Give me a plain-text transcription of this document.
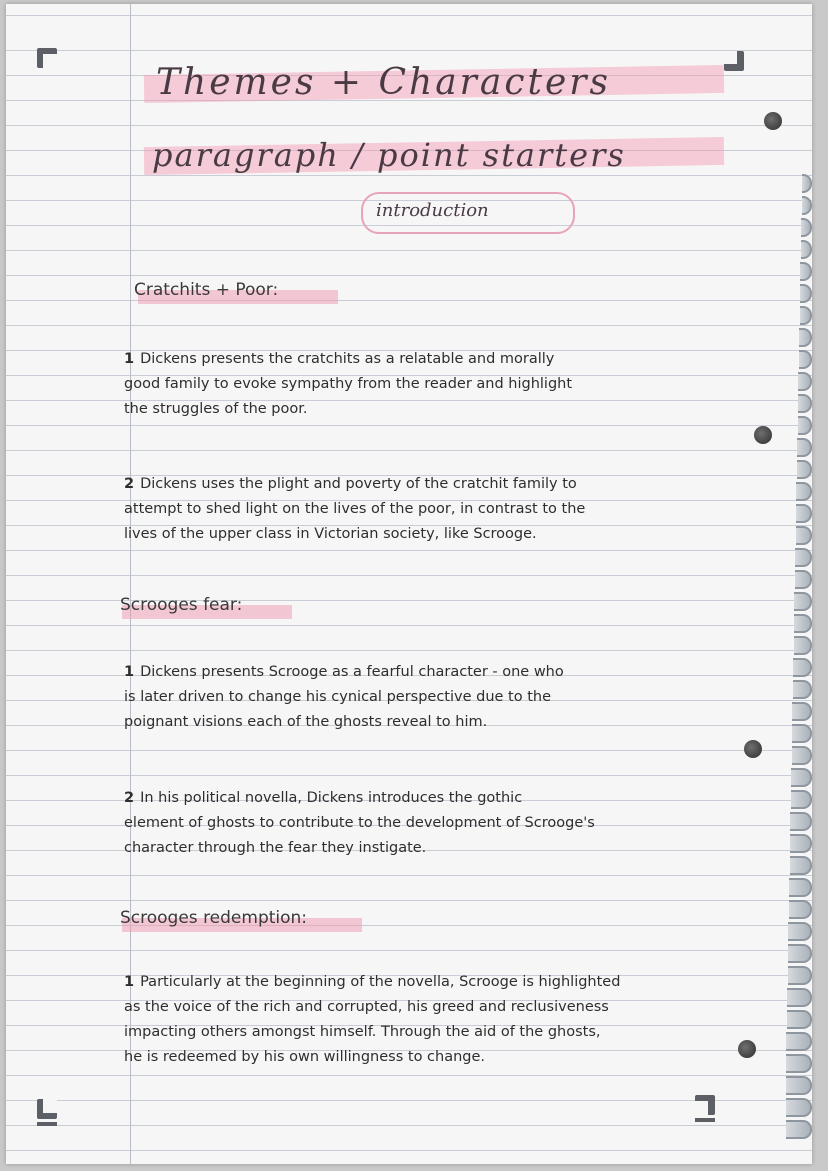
Themes + Characters
paragraph / point starters
introduction
Cratchits + Poor:
1 Dickens presents the cratchits as a relatable and morally
good family to evoke sympathy from the reader and highlight
the struggles of the poor.
2 Dickens uses the plight and poverty of the cratchit family to
attempt to shed light on the lives of the poor, in contrast to the
lives of the upper class in Victorian society, like Scrooge.
Scrooges fear:
1 Dickens presents Scrooge as a fearful character - one who
is later driven to change his cynical perspective due to the
poignant visions each of the ghosts reveal to him.
2 In his political novella, Dickens introduces the gothic
element of ghosts to contribute to the development of Scrooge's
character through the fear they instigate.
Scrooges redemption:
1 Particularly at the beginning of the novella, Scrooge is highlighted
as the voice of the rich and corrupted, his greed and reclusiveness
impacting others amongst himself. Through the aid of the ghosts,
he is redeemed by his own willingness to change.
